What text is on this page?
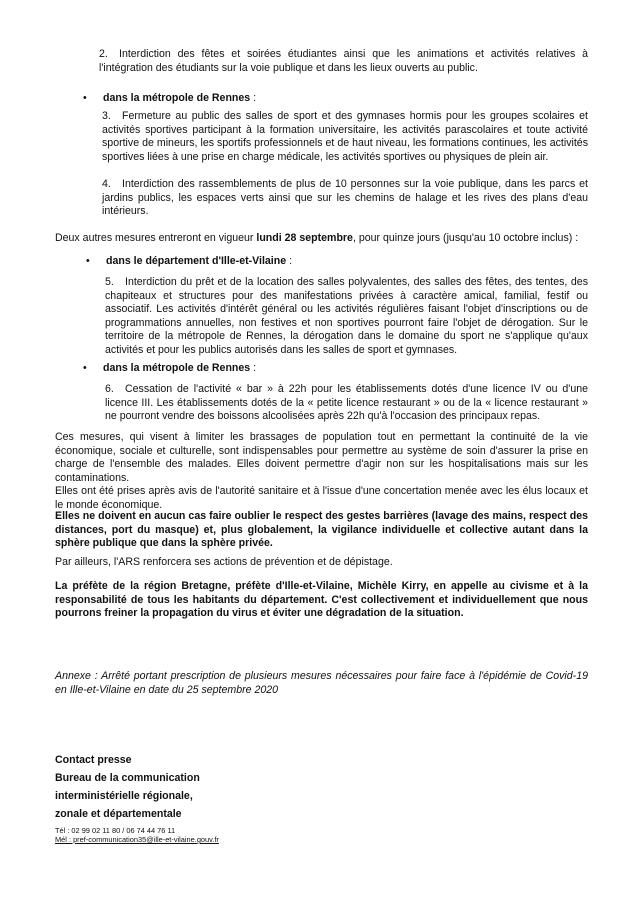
2. Interdiction des fêtes et soirées étudiantes ainsi que les animations et activités relatives à l'intégration des étudiants sur la voie publique et dans les lieux ouverts au public.
• dans la métropole de Rennes :
3. Fermeture au public des salles de sport et des gymnases hormis pour les groupes scolaires et activités sportives participant à la formation universitaire, les activités parascolaires et toute activité sportive de mineurs, les sportifs professionnels et de haut niveau, les formations continues, les activités sportives liées à une prise en charge médicale, les activités sportives ou physiques de plein air.
4. Interdiction des rassemblements de plus de 10 personnes sur la voie publique, dans les parcs et jardins publics, les espaces verts ainsi que sur les chemins de halage et les rives des plans d'eau intérieurs.
Deux autres mesures entreront en vigueur lundi 28 septembre, pour quinze jours (jusqu'au 10 octobre inclus) :
• dans le département d'Ille-et-Vilaine :
5. Interdiction du prêt et de la location des salles polyvalentes, des salles des fêtes, des tentes, des chapiteaux et structures pour des manifestations privées à caractère amical, familial, festif ou associatif. Les activités d'intérêt général ou les activités régulières faisant l'objet d'inscriptions ou de programmations annuelles, non festives et non sportives pourront faire l'objet de dérogation. Sur le territoire de la métropole de Rennes, la dérogation dans le domaine du sport ne s'applique qu'aux activités et pour les publics autorisés dans les salles de sport et gymnases.
• dans la métropole de Rennes :
6. Cessation de l'activité « bar » à 22h pour les établissements dotés d'une licence IV ou d'une licence III. Les établissements dotés de la « petite licence restaurant » ou de la « licence restaurant » ne pourront vendre des boissons alcoolisées après 22h qu'à l'occasion des principaux repas.
Ces mesures, qui visent à limiter les brassages de population tout en permettant la continuité de la vie économique, sociale et culturelle, sont indispensables pour permettre au système de soin d'assurer la prise en charge de l'ensemble des malades. Elles doivent permettre d'agir non sur les hospitalisations mais sur les contaminations.
Elles ont été prises après avis de l'autorité sanitaire et à l'issue d'une concertation menée avec les élus locaux et le monde économique.
Elles ne doivent en aucun cas faire oublier le respect des gestes barrières (lavage des mains, respect des distances, port du masque) et, plus globalement, la vigilance individuelle et collective autant dans la sphère publique que dans la sphère privée.
Par ailleurs, l'ARS renforcera ses actions de prévention et de dépistage.
La préfète de la région Bretagne, préfète d'Ille-et-Vilaine, Michèle Kirry, en appelle au civisme et à la responsabilité de tous les habitants du département. C'est collectivement et individuellement que nous pourrons freiner la propagation du virus et éviter une dégradation de la situation.
Annexe : Arrêté portant prescription de plusieurs mesures nécessaires pour faire face à l'épidémie de Covid-19 en Ille-et-Vilaine en date du 25 septembre 2020
Contact presse
Bureau de la communication
interministérielle régionale,
zonale et départementale
Tél : 02 99 02 11 80 / 06 74 44 76 11
Mél : pref-communication35@ille-et-vilaine.gouv.fr
